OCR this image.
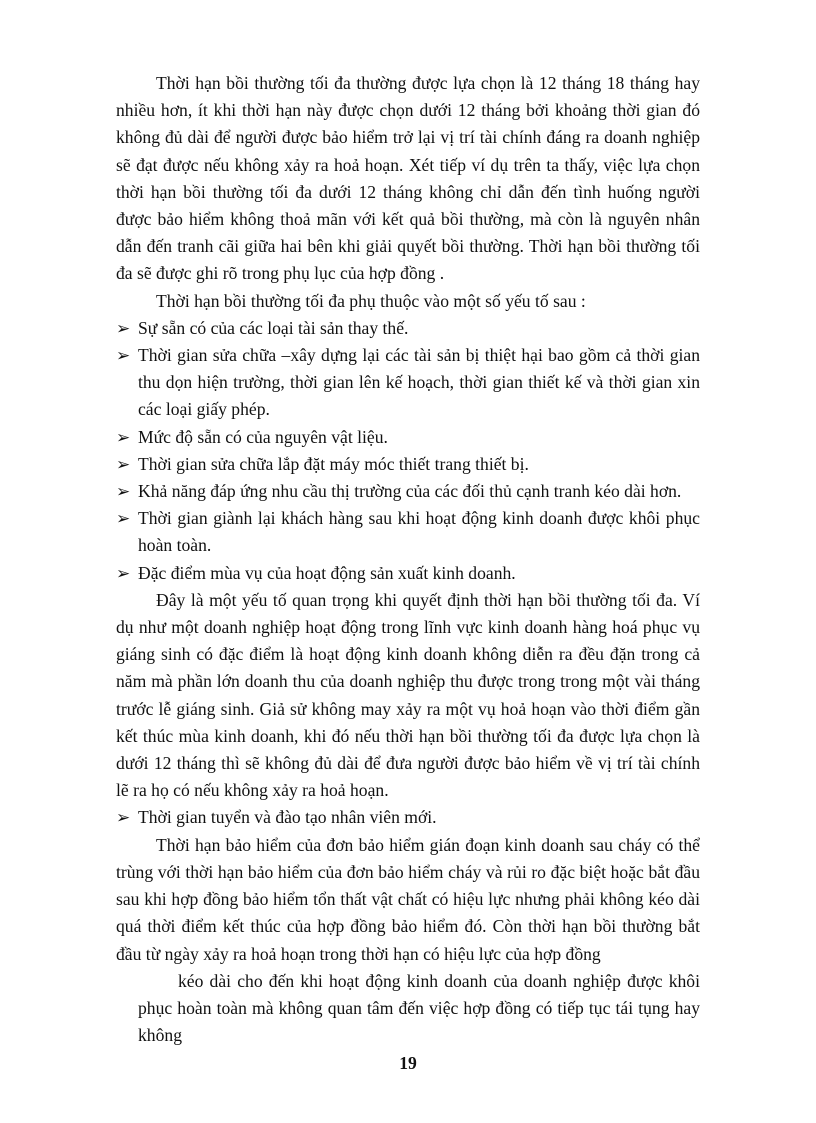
Thời hạn bồi thường tối đa thường được lựa chọn là 12 tháng 18 tháng hay nhiều hơn, ít khi thời hạn này được chọn dưới 12 tháng bởi khoảng thời gian đó không đủ dài để người được bảo hiểm trở lại vị trí tài chính đáng ra doanh nghiệp sẽ đạt được nếu không xảy ra hoả hoạn. Xét tiếp ví dụ trên ta thấy, việc lựa chọn thời hạn bồi thường tối đa dưới 12 tháng không chỉ dẫn đến tình huống người được bảo hiểm không thoả mãn với kết quả bồi thường, mà còn là nguyên nhân dẫn đến tranh cãi giữa hai bên khi giải quyết bồi thường. Thời hạn bồi thường tối đa sẽ được ghi rõ trong phụ lục của hợp đồng .

Thời hạn bồi thường tối đa phụ thuộc vào một số yếu tố sau :

➢ Sự sẵn có của các loại tài sản thay thế.
➢ Thời gian sửa chữa –xây dựng lại các tài sản bị thiệt hại bao gồm cả thời gian thu dọn hiện trường, thời gian lên kế hoạch, thời gian thiết kế và thời gian xin các loại giấy phép.
➢ Mức độ sẵn có của nguyên vật liệu.
➢ Thời gian sửa chữa lắp đặt máy móc thiết trang thiết bị.
➢ Khả năng đáp ứng nhu cầu thị trường của các đối thủ cạnh tranh kéo dài hơn.
➢ Thời gian giành lại khách hàng sau khi hoạt động kinh doanh được khôi phục hoàn toàn.
➢ Đặc điểm mùa vụ của hoạt động sản xuất kinh doanh.

Đây là một yếu tố quan trọng khi quyết định thời hạn bồi thường tối đa. Ví dụ như một doanh nghiệp hoạt động trong lĩnh vực kinh doanh hàng hoá phục vụ giáng sinh có đặc điểm là hoạt động kinh doanh không diễn ra đều đặn trong cả năm mà phần lớn doanh thu của doanh nghiệp thu được trong trong một vài tháng trước lễ giáng sinh. Giả sử không may xảy ra một vụ hoả hoạn vào thời điểm gần kết thúc mùa kinh doanh, khi đó nếu thời hạn bồi thường tối đa được lựa chọn là dưới 12 tháng thì sẽ không đủ dài để đưa người được bảo hiểm về vị trí tài chính lẽ ra họ có nếu không xảy ra hoả hoạn.

➢ Thời gian tuyển và đào tạo nhân viên mới.

Thời hạn bảo hiểm của đơn bảo hiểm gián đoạn kinh doanh sau cháy có thể trùng với thời hạn bảo hiểm của đơn bảo hiểm cháy và rủi ro đặc biệt hoặc bắt đầu sau khi hợp đồng bảo hiểm tổn thất vật chất có hiệu lực nhưng phải không kéo dài quá thời điểm kết thúc của hợp đồng bảo hiểm đó. Còn thời hạn bồi thường bắt đầu từ ngày xảy ra hoả hoạn trong thời hạn có hiệu lực của hợp đồng

kéo dài cho đến khi hoạt động kinh doanh của doanh nghiệp được khôi phục hoàn toàn mà không quan tâm đến việc hợp đồng có tiếp tục tái tụng hay không

19
